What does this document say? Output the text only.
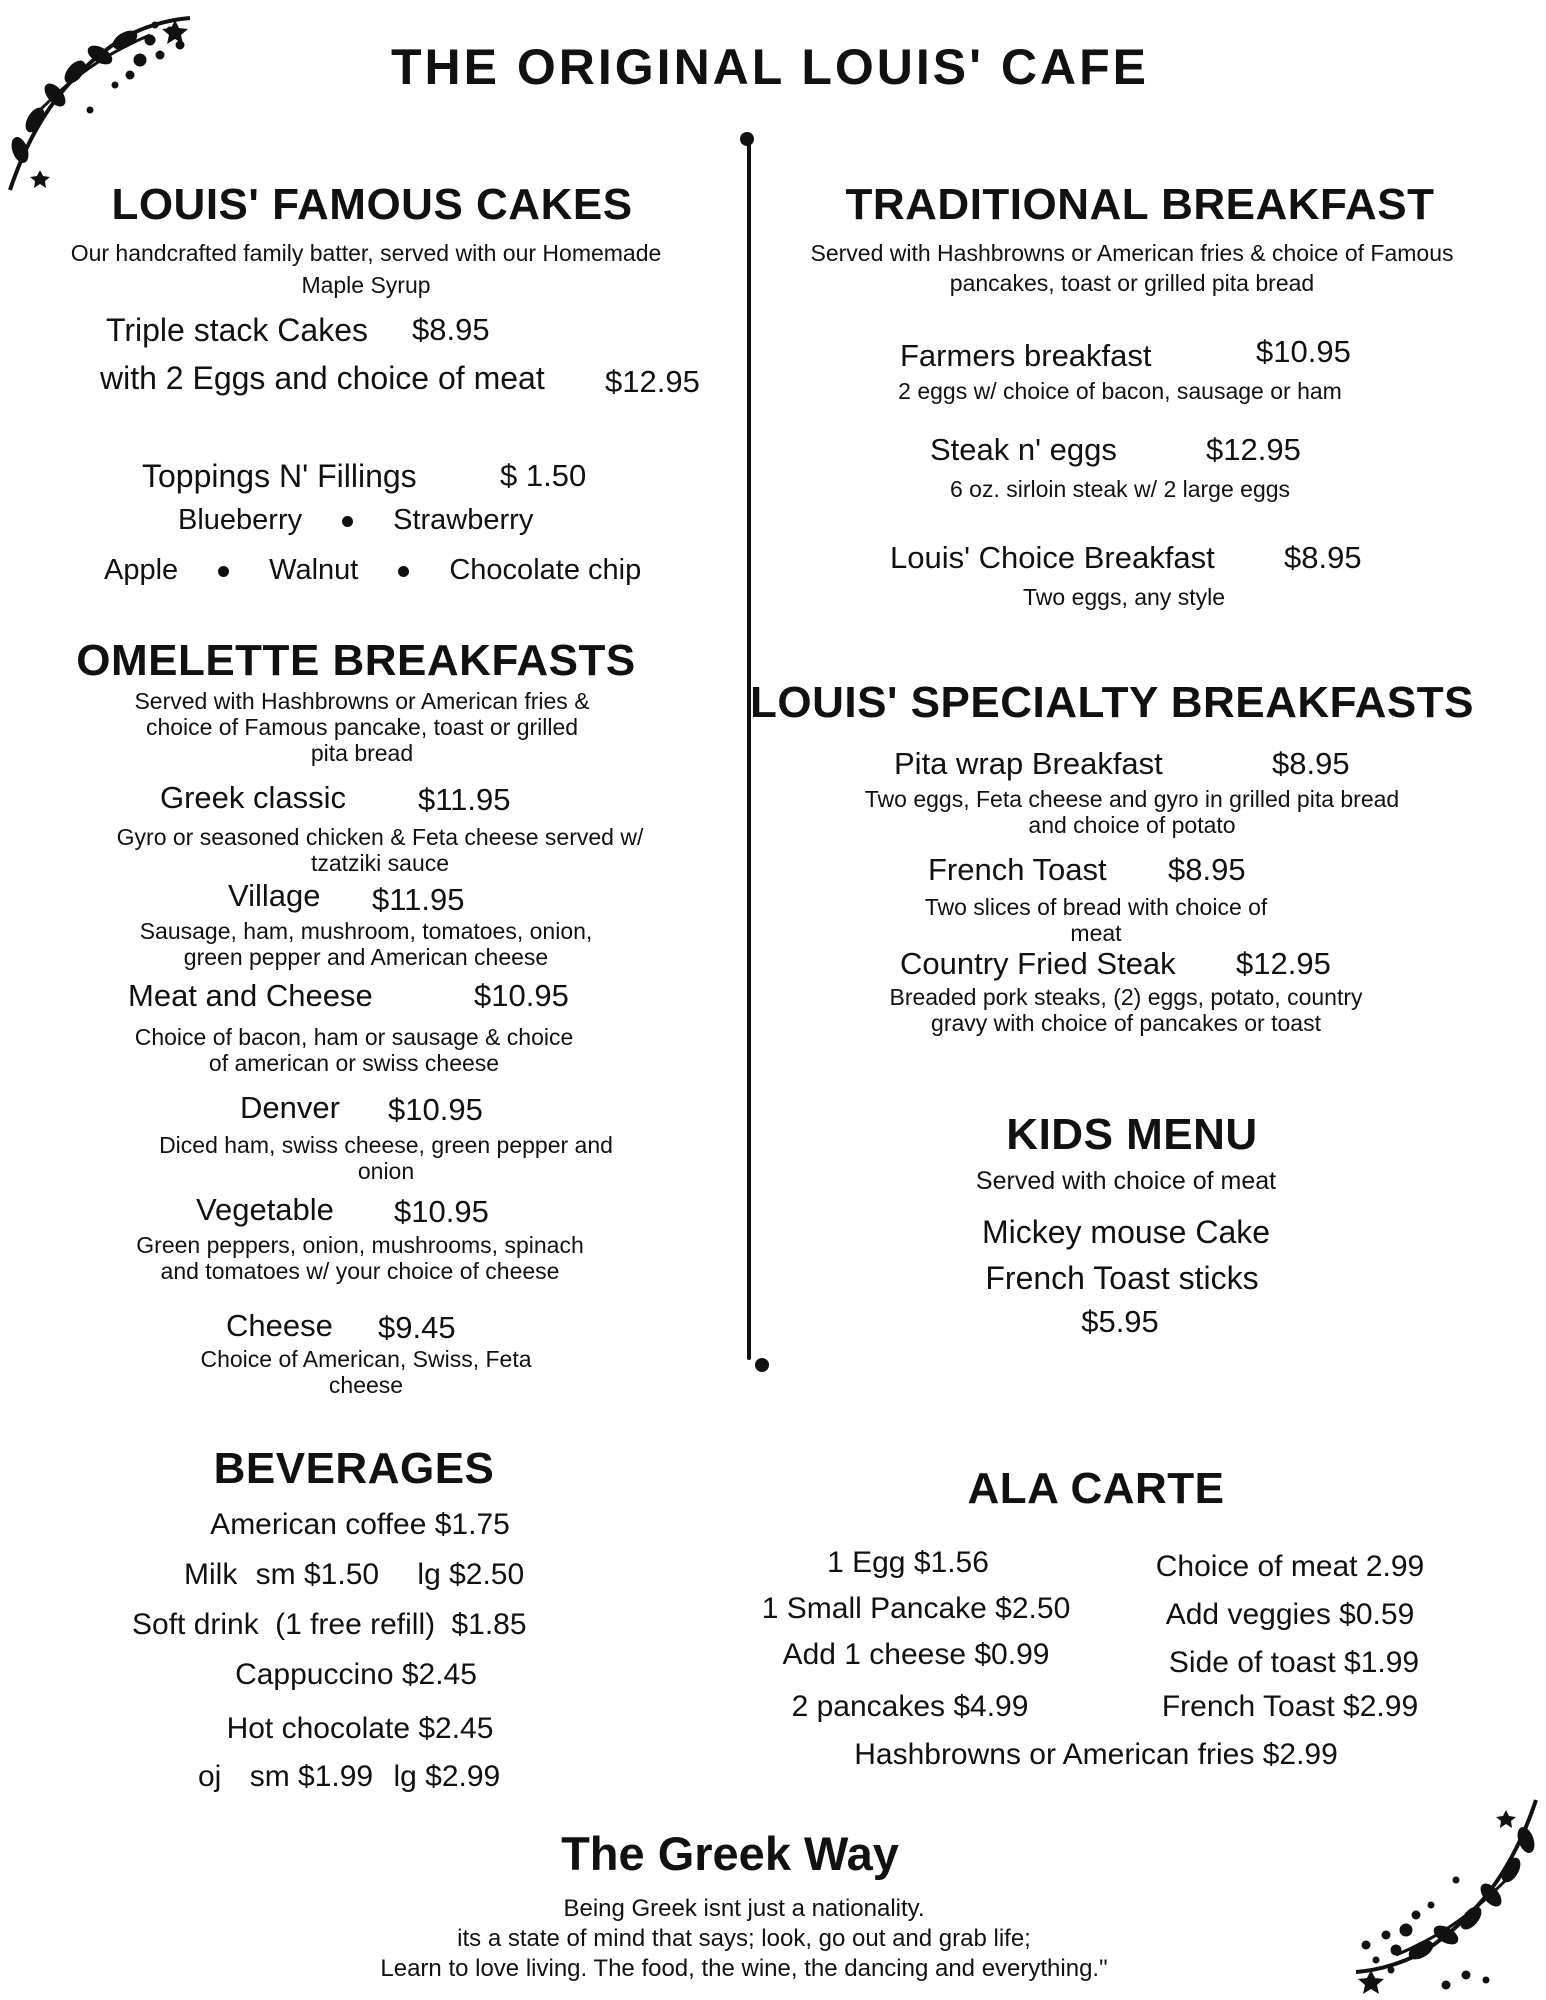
THE ORIGINAL LOUIS' CAFE
LOUIS' FAMOUS CAKES
Our handcrafted family batter, served with our Homemade
Maple Syrup
Triple stack Cakes $8.95
with 2 Eggs and choice of meat $12.95
Toppings N' Fillings	$ 1.50
Blueberry	Strawberry
Apple	Walnut	Chocolate chip
OMELETTE BREAKFASTS
Served with Hashbrowns or American fries &
choice of Famous pancake, toast or grilled
pita bread
Greek classic $11.95
Gyro or seasoned chicken & Feta cheese served w/
tzatziki sauce
Village $11.95
Sausage, ham, mushroom, tomatoes, onion,
green pepper and American cheese
Meat and Cheese	$10.95
Choice of bacon, ham or sausage & choice
of american or swiss cheese
Denver $10.95
Diced ham, swiss cheese, green pepper and
onion
Vegetable $10.95
Green peppers, onion, mushrooms, spinach
and tomatoes w/ your choice of cheese
Cheese $9.45
Choice of American, Swiss, Feta
cheese
TRADITIONAL BREAKFAST
Served with Hashbrowns or American fries & choice of Famous
pancakes, toast or grilled pita bread
Farmers breakfast	$10.95
2 eggs w/ choice of bacon, sausage or ham
Steak n' eggs	$12.95
6 oz. sirloin steak w/ 2 large eggs
Louis' Choice Breakfast $8.95
Two eggs, any style
LOUIS' SPECIALTY BREAKFASTS
Pita wrap Breakfast	$8.95
Two eggs, Feta cheese and gyro in grilled pita bread
and choice of potato
French Toast $8.95
Two slices of bread with choice of
meat
Country Fried Steak $12.95
Breaded pork steaks, (2) eggs, potato, country
gravy with choice of pancakes or toast
KIDS MENU
Served with choice of meat
Mickey mouse Cake
French Toast sticks
$5.95
BEVERAGES
American coffee $1.75
Milk sm $1.50 lg $2.50
Soft drink (1 free refill) $1.85
Cappuccino $2.45
Hot chocolate $2.45
oj sm $1.99 lg $2.99
ALA CARTE
1 Egg $1.56
1 Small Pancake $2.50
Add 1 cheese $0.99
2 pancakes $4.99
Choice of meat 2.99
Add veggies $0.59
Side of toast $1.99
French Toast $2.99
Hashbrowns or American fries $2.99
The Greek Way
Being Greek isnt just a nationality.
its a state of mind that says; look, go out and grab life;
Learn to love living. The food, the wine, the dancing and everything."
